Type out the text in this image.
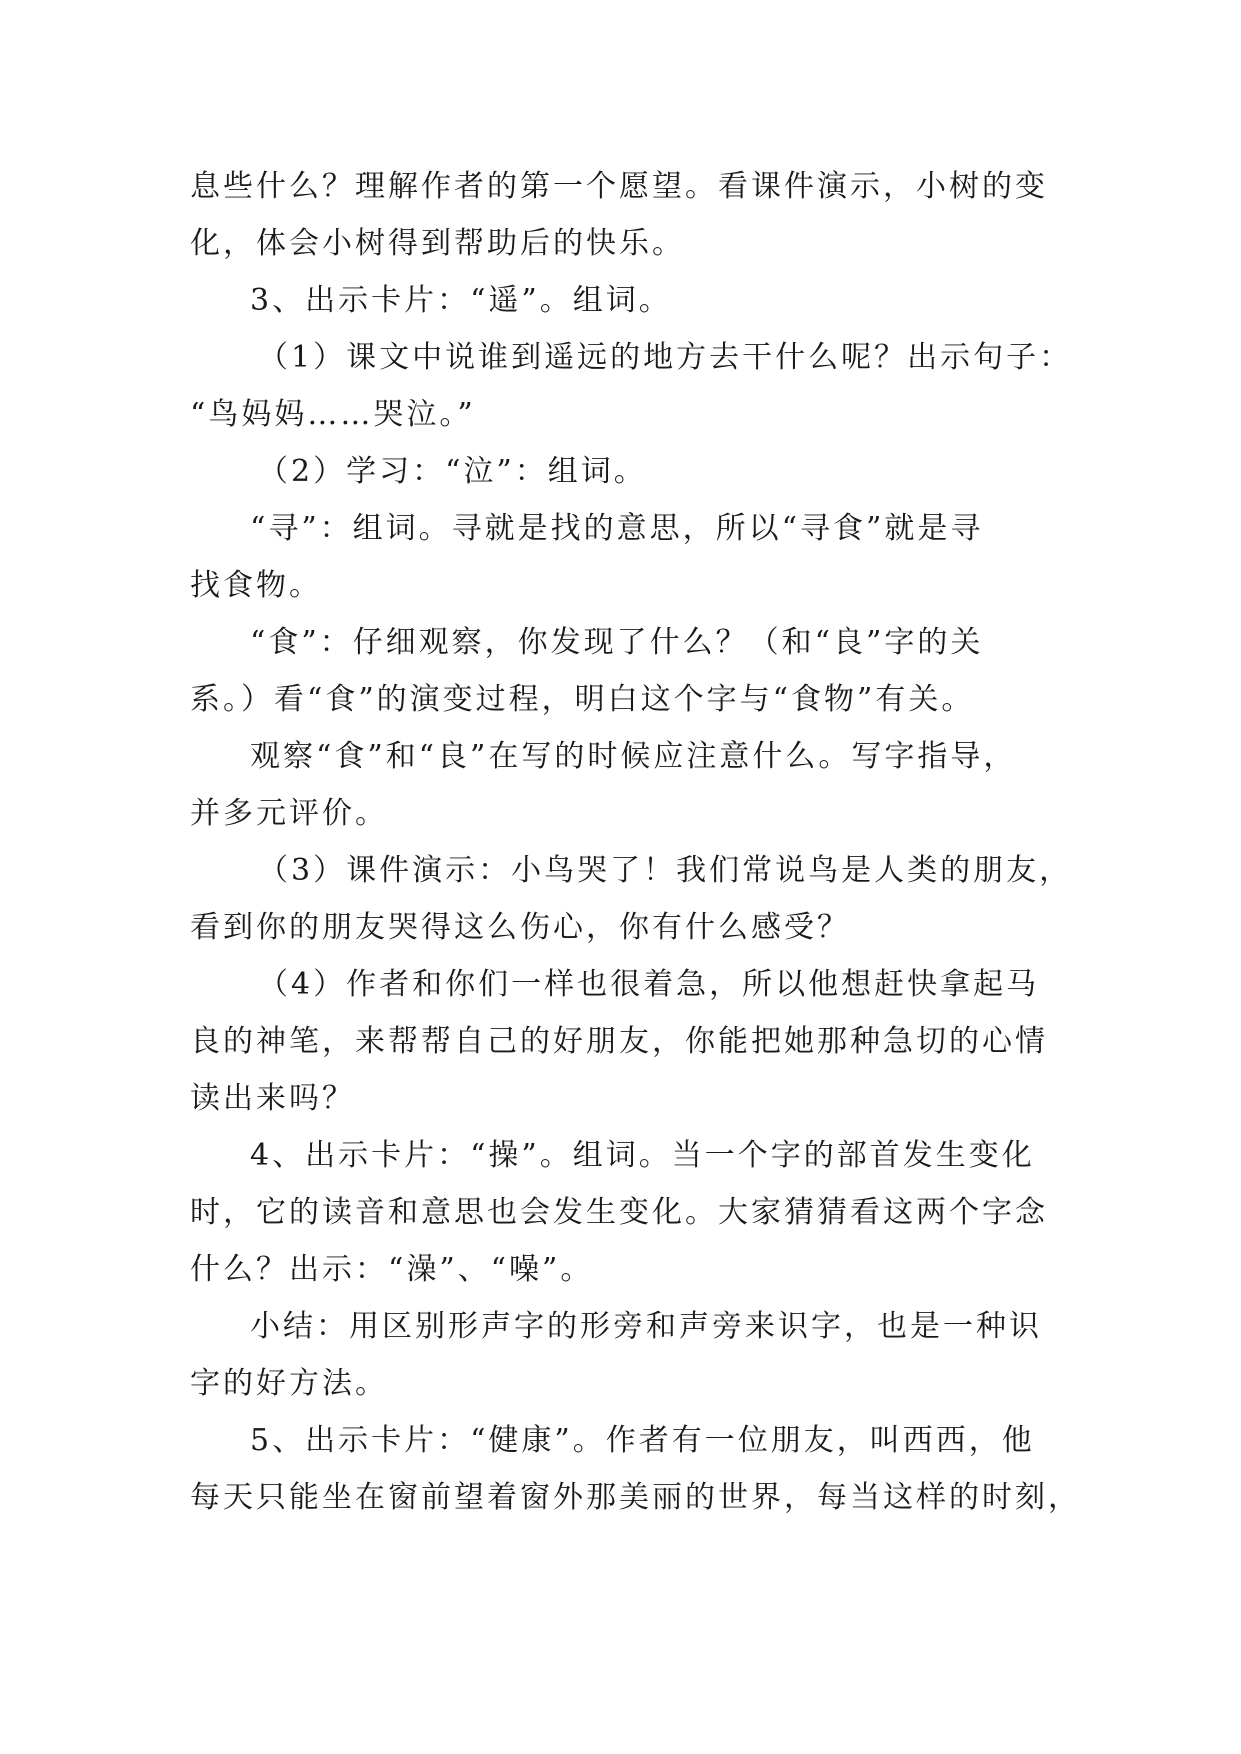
息些什么？理解作者的第一个愿望。看课件演示，小树的变
化，体会小树得到帮助后的快乐。
3、出示卡片：“遥”。组词。
（1）课文中说谁到遥远的地方去干什么呢？出示句子：
“鸟妈妈……哭泣。”
（2）学习：“泣”：组词。
“寻”：组词。寻就是找的意思，所以“寻食”就是寻
找食物。
“食”：仔细观察，你发现了什么？（和“良”字的关
系。）看“食”的演变过程，明白这个字与“食物”有关。
观察“食”和“良”在写的时候应注意什么。写字指导，
并多元评价。
（3）课件演示：小鸟哭了！我们常说鸟是人类的朋友，
看到你的朋友哭得这么伤心，你有什么感受？
（4）作者和你们一样也很着急，所以他想赶快拿起马
良的神笔，来帮帮自己的好朋友，你能把她那种急切的心情
读出来吗？
4、出示卡片：“操”。组词。当一个字的部首发生变化
时，它的读音和意思也会发生变化。大家猜猜看这两个字念
什么？出示：“澡”、“噪”。
小结：用区别形声字的形旁和声旁来识字，也是一种识
字的好方法。
5、出示卡片：“健康”。作者有一位朋友，叫西西，他
每天只能坐在窗前望着窗外那美丽的世界，每当这样的时刻，
